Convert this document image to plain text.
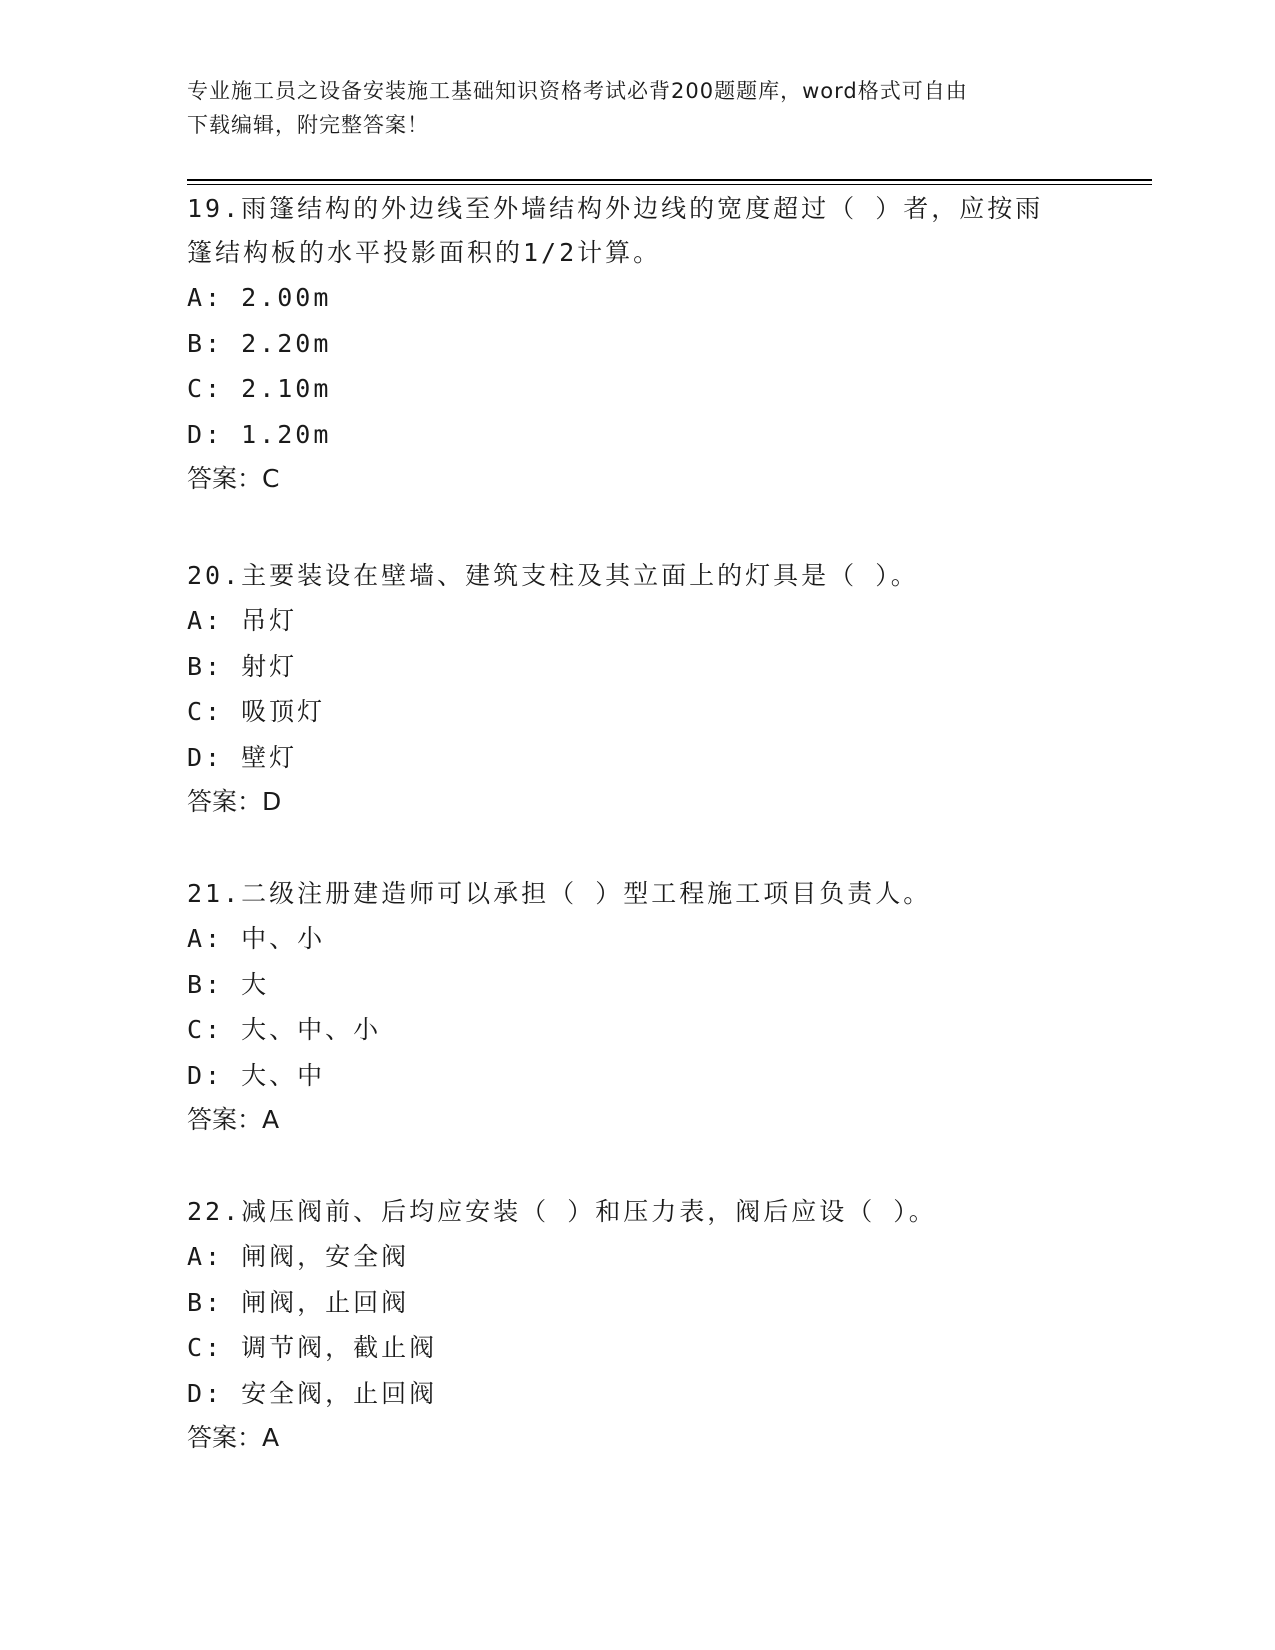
专业施工员之设备安装施工基础知识资格考试必背200题题库，word格式可自由
下载编辑，附完整答案！

19.雨篷结构的外边线至外墙结构外边线的宽度超过（ ）者，应按雨篷结构板的水平投影面积的1/2计算。

A: 2.00m

B: 2.20m

C: 2.10m

D: 1.20m

答案：C

20.主要装设在壁墙、建筑支柱及其立面上的灯具是（ ）。

A: 吊灯

B: 射灯

C: 吸顶灯

D: 壁灯

答案：D

21.二级注册建造师可以承担（ ）型工程施工项目负责人。

A: 中、小

B: 大

C: 大、中、小

D: 大、中

答案：A

22.减压阀前、后均应安装（ ）和压力表，阀后应设（ ）。

A: 闸阀，安全阀

B: 闸阀，止回阀

C: 调节阀，截止阀

D: 安全阀，止回阀

答案：A
